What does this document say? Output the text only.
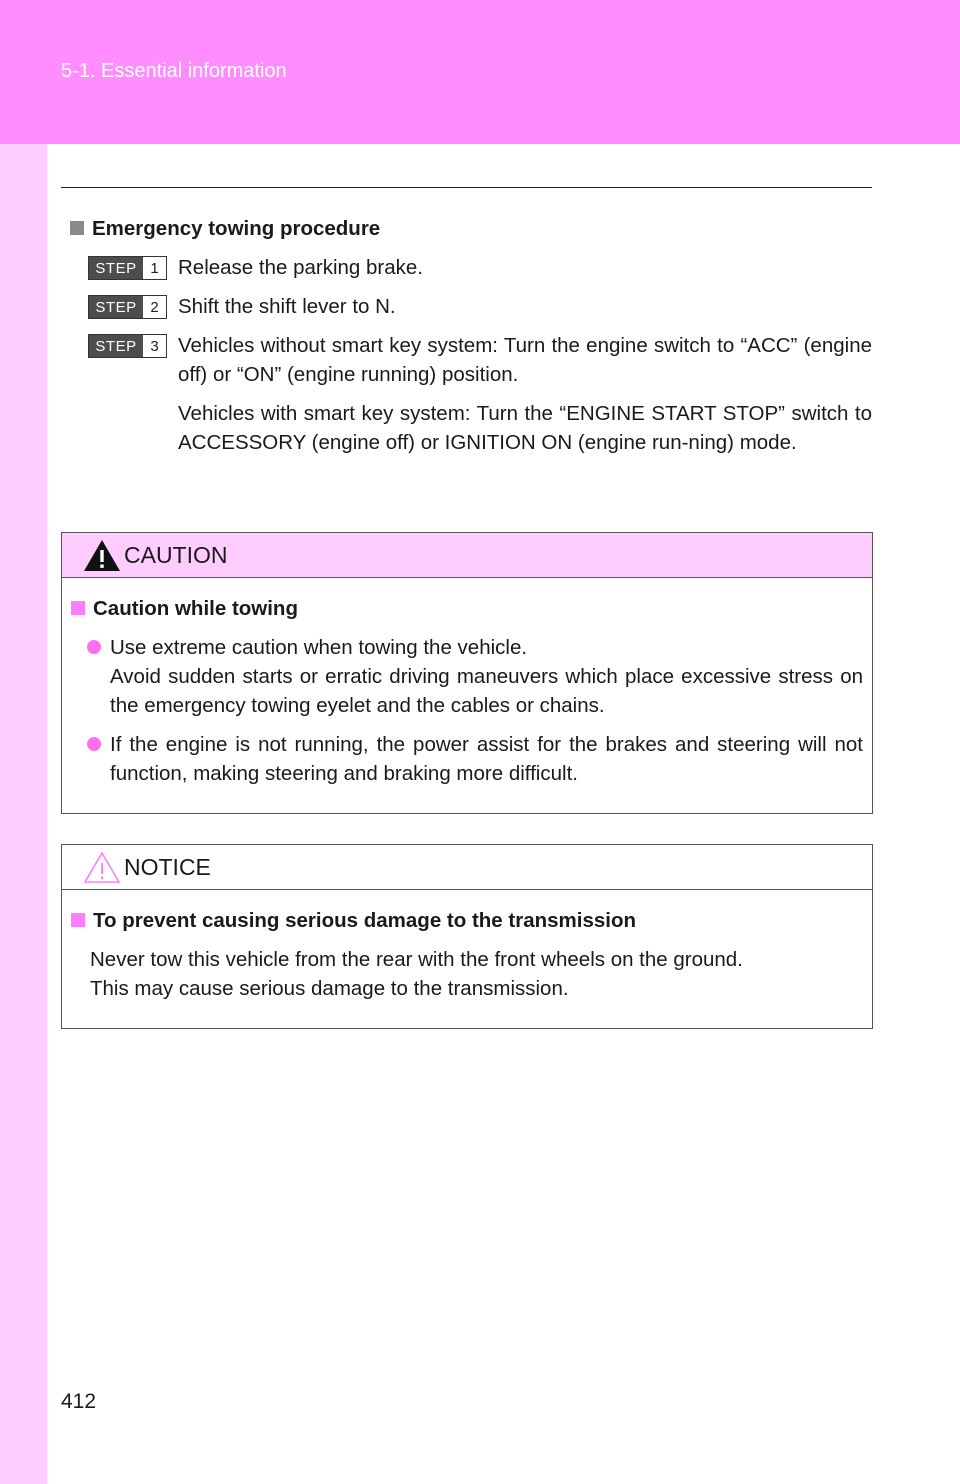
5-1. Essential information
Emergency towing procedure
STEP 1 Release the parking brake.

STEP 2 Shift the shift lever to N.

STEP 3 Vehicles without smart key system: Turn the engine switch to “ACC” (engine off) or “ON” (engine running) position.

Vehicles with smart key system: Turn the “ENGINE START STOP” switch to ACCESSORY (engine off) or IGNITION ON (engine run-ning) mode.

CAUTION
Caution while towing

Use extreme caution when towing the vehicle.

Avoid sudden starts or erratic driving maneuvers which place excessive stress on the emergency towing eyelet and the cables or chains.

If the engine is not running, the power assist for the brakes and steering will not function, making steering and braking more difficult.

NOTICE
To prevent causing serious damage to the transmission

Never tow this vehicle from the rear with the front wheels on the ground.

This may cause serious damage to the transmission.

412
